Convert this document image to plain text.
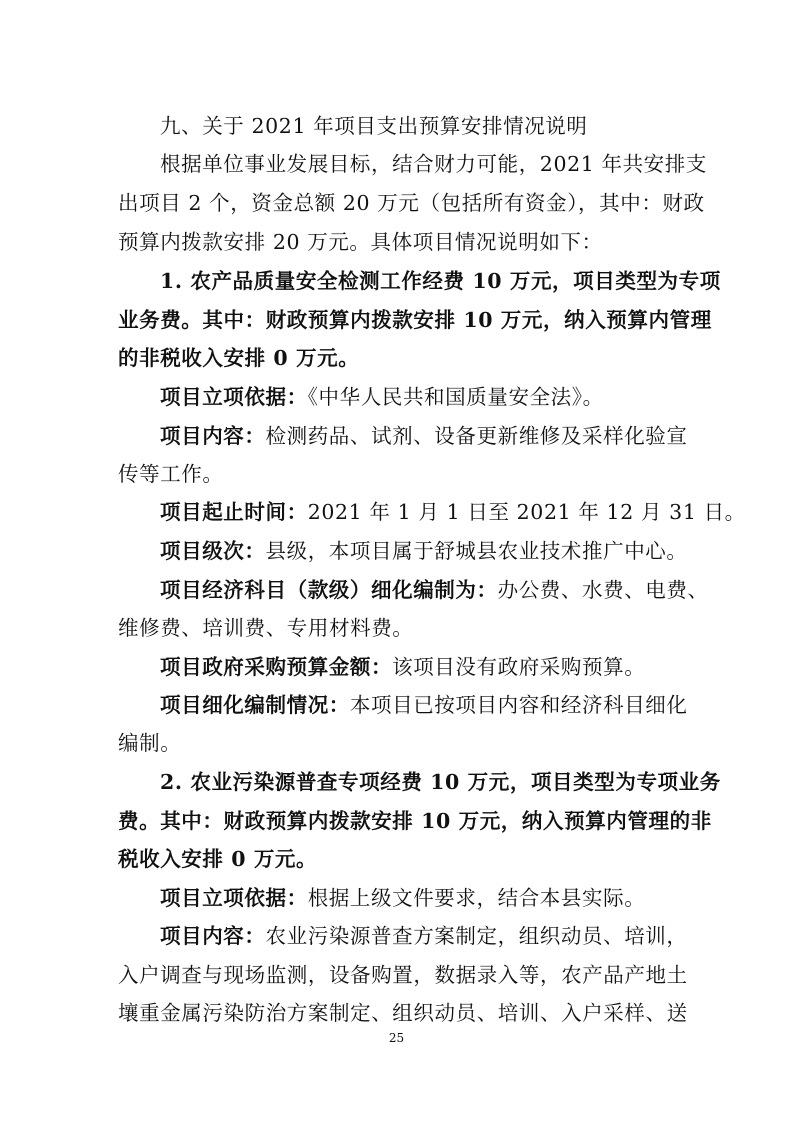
九、关于 2021 年项目支出预算安排情况说明
根据单位事业发展目标，结合财力可能，2021 年共安排支
出项目 2 个，资金总额 20 万元（包括所有资金），其中：财政
预算内拨款安排 20 万元。具体项目情况说明如下：
1. 农产品质量安全检测工作经费 10 万元，项目类型为专项
业务费。其中：财政预算内拨款安排 10 万元，纳入预算内管理
的非税收入安排 0 万元。
项目立项依据：《中华人民共和国质量安全法》。
项目内容：检测药品、试剂、设备更新维修及采样化验宣
传等工作。
项目起止时间：2021 年 1 月 1 日至 2021 年 12 月 31 日。
项目级次：县级，本项目属于舒城县农业技术推广中心。
项目经济科目（款级）细化编制为：办公费、水费、电费、
维修费、培训费、专用材料费。
项目政府采购预算金额：该项目没有政府采购预算。
项目细化编制情况：本项目已按项目内容和经济科目细化
编制。
2. 农业污染源普查专项经费 10 万元，项目类型为专项业务
费。其中：财政预算内拨款安排 10 万元，纳入预算内管理的非
税收入安排 0 万元。
项目立项依据：根据上级文件要求，结合本县实际。
项目内容：农业污染源普查方案制定，组织动员、培训，
入户调查与现场监测，设备购置，数据录入等，农产品产地土
壤重金属污染防治方案制定、组织动员、培训、入户采样、送
25
